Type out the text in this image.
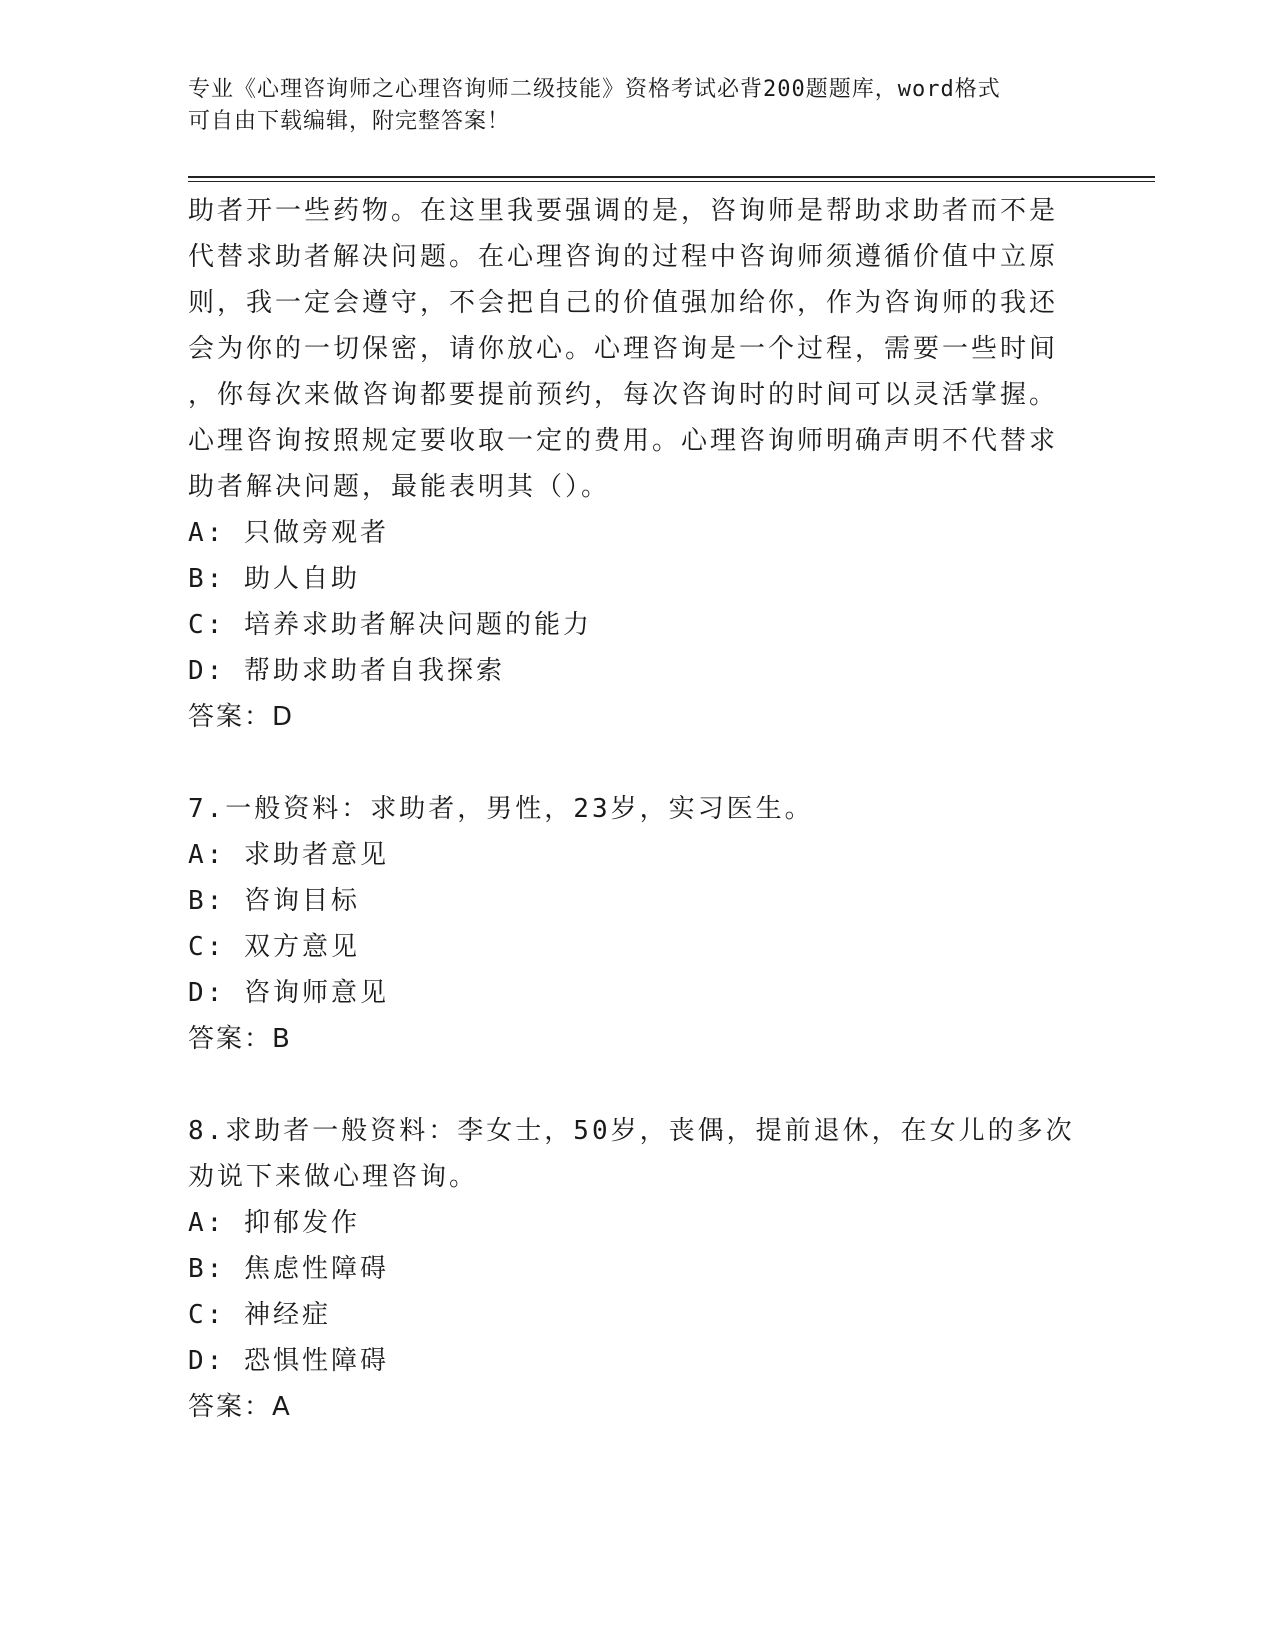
专业《心理咨询师之心理咨询师二级技能》资格考试必背200题题库，word格式
可自由下载编辑，附完整答案！
助者开一些药物。在这里我要强调的是，咨询师是帮助求助者而不是
代替求助者解决问题。在心理咨询的过程中咨询师须遵循价值中立原
则，我一定会遵守，不会把自己的价值强加给你，作为咨询师的我还
会为你的一切保密，请你放心。心理咨询是一个过程，需要一些时间
，你每次来做咨询都要提前预约，每次咨询时的时间可以灵活掌握。
心理咨询按照规定要收取一定的费用。心理咨询师明确声明不代替求
助者解决问题，最能表明其（）。
A: 只做旁观者
B: 助人自助
C: 培养求助者解决问题的能力
D: 帮助求助者自我探索
答案：D
7.一般资料：求助者，男性，23岁，实习医生。
A: 求助者意见
B: 咨询目标
C: 双方意见
D: 咨询师意见
答案：B
8.求助者一般资料：李女士，50岁，丧偶，提前退休，在女儿的多次
劝说下来做心理咨询。
A: 抑郁发作
B: 焦虑性障碍
C: 神经症
D: 恐惧性障碍
答案：A
